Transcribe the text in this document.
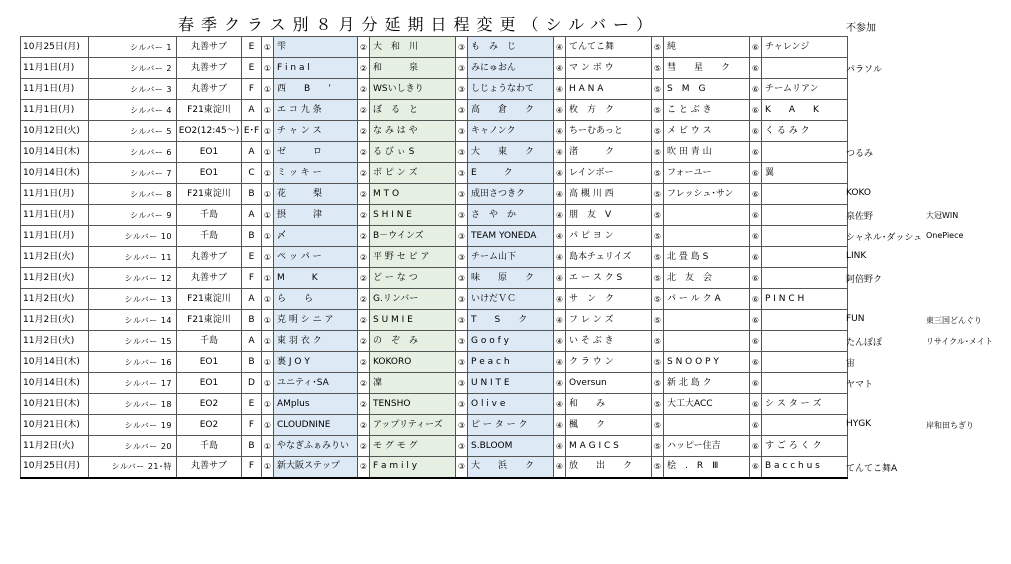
春季クラス別８月分延期日程変更（シルバー）	不参加
10月25日(月)	シルバー 1	丸善サブ	E	①	雫	②	大　和　川	③	も　み　じ	④	てんてこ舞	⑤	純	⑥	チャレンジ
11月1日(月)	シルバー 2	丸善サブ	E	①	F i n a l	②	和　　　泉	③	みにゅおん	④	マ ン ボ ウ	⑤	彗　　星　　ク	⑥	
11月1日(月)	シルバー 3	丸善サブ	F	①	西　　B　　’	②	WSいしきり	③	しじょうなわて	④	H A N A	⑤	S　M　G	⑥	チームリアン
11月1日(月)	シルバー 4	F21東淀川	A	①	エ コ 九 条	②	ぼ　る　と	③	高　　倉　　ク	④	枚　方　ク	⑤	こ と ぶ き	⑥	K　　A　　K
10月12日(火)	シルバー 5	EO2(12:45～)	E･F	①	チ ャ ン ス	②	な み は や	③	キャノンク	④	ちーむあっと	⑤	メ ビ ウ ス	⑥	く る み ク
10月14日(木)	シルバー 6	EO1	A	①	ゼ　　　ロ	②	る び ぃ S	③	大　　東　　ク	④	渚　　　ク	⑤	吹 田 青 山	⑥	
10月14日(木)	シルバー 7	EO1	C	①	ミ ッ キ ー	②	ボ ピ ン ズ	③	E　　　ク	④	レインボー	⑤	フォーユー	⑥	翼
11月1日(月)	シルバー 8	F21東淀川	B	①	花　　　梨	②	M T O	③	成田さつきク	④	高 槻 川 西	⑤	フレッシュ･サン	⑥	
11月1日(月)	シルバー 9	千島	A	①	摂　　　津	②	S H I N E	③	さ　や　か	④	朋　友　V	⑤		⑥	
11月1日(月)	シルバー 10	千島	B	①	〆	②	B－ウインズ	③	TEAM YONEDA	④	パ ピ ヨ ン	⑤		⑥	
11月2日(火)	シルバー 11	丸善サブ	E	①	ペ ッ パ ー	②	平 野 セ ピ ア	③	チーム山下	④	島本チェリイズ	⑤	北 畳 島 S	⑥	
11月2日(火)	シルバー 12	丸善サブ	F	①	M　　　K	②	ど ー な つ	③	味　　原　　ク	④	エ ー ス ク S	⑤	北　友　会	⑥	
11月2日(火)	シルバー 13	F21東淀川	A	①	ら　　ら	②	G.リンバー	③	いけだＶＣ	④	サ　ン　ク	⑤	パ ー ル ク A	⑥	P I N C H
11月2日(火)	シルバー 14	F21東淀川	B	①	克 明 シ ニ ア	②	S U M I E	③	T　　S　　ク	④	フ レ ン ズ	⑤		⑥	
11月2日(火)	シルバー 15	千島	A	①	東 羽 衣 ク	②	の　ぞ　み	③	G o o f y	④	い そ ぶ き	⑤		⑥	
10月14日(木)	シルバー 16	EO1	B	①	裏 J O Y	②	KOKORO	③	P e a c h	④	ク ラ ウ ン	⑤	S N O O P Y	⑥	
10月14日(木)	シルバー 17	EO1	D	①	ユニティ･SA	②	凜	③	U N I T E	④	Oversun	⑤	新 北 島 ク	⑥	
10月21日(木)	シルバー 18	EO2	E	①	AMplus	②	TENSHO	③	O l i v e	④	和　　み	⑤	大工大ACC	⑥	シ ス タ ー ズ
10月21日(木)	シルバー 19	EO2	F	①	CLOUDNINE	②	アップリティーズ	③	ピ ー タ ー ク	④	楓　　ク	⑤		⑥	
11月2日(火)	シルバー 20	千島	B	①	やなぎふぁみりい	②	モ グ モ グ	③	S.BLOOM	④	M A G I C S	⑤	ハッピー住吉	⑥	す ご ろ く ク
10月25日(月)	シルバー 21･特	丸善サブ	F	①	新大阪ステップ	②	F a m i l y	③	大　　浜　　ク	④	放　　出　　ク	⑤	桧　.　R　Ⅲ	⑥	B a c c h u s
パラソル
つるみ
KOKO
泉佐野	大冠WIN
シャネル･ダッシュ OnePiece
LINK
阿倍野ク
FUN	東三国どんぐり
たんぽぽ	リサイクル･メイト
宙
ヤマト
HYGK	岸和田ちぎり
てんてこ舞A
